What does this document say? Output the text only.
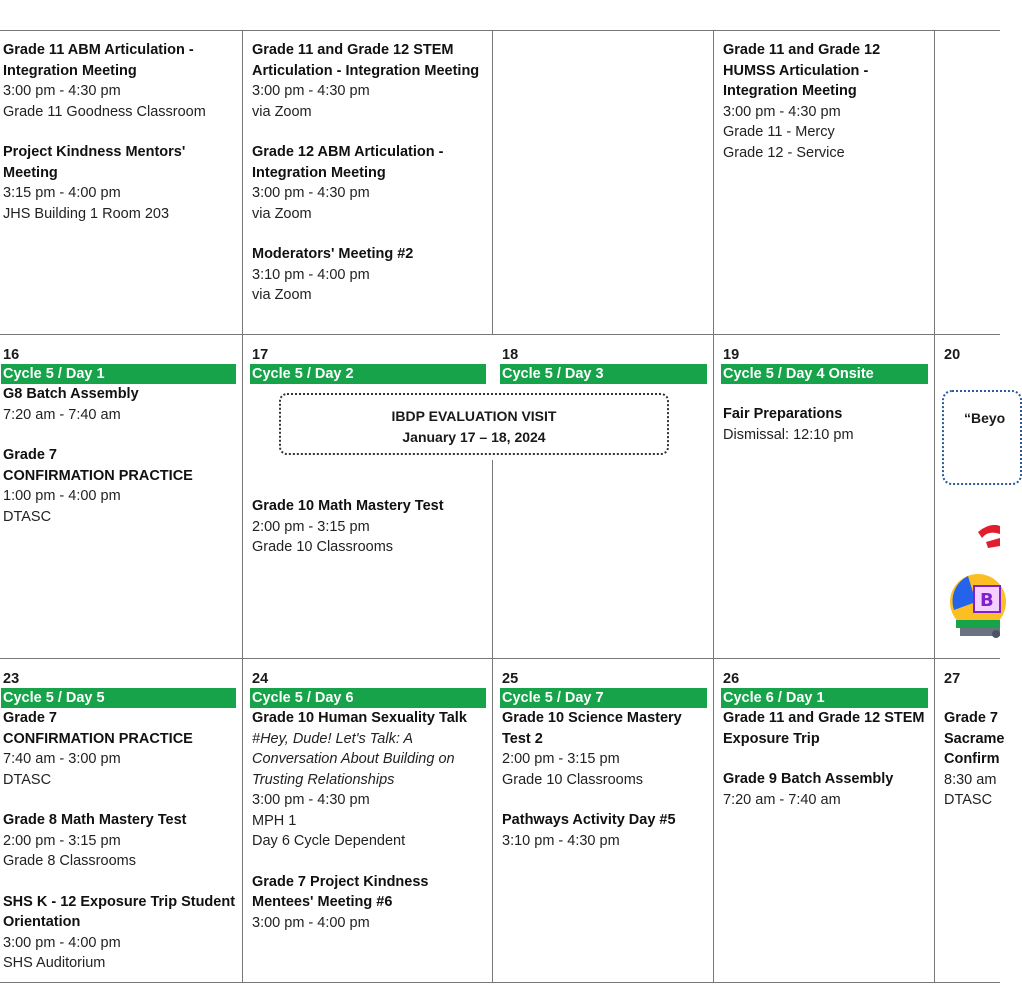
Grade 11 ABM Articulation - Integration Meeting
3:00 pm - 4:30 pm
Grade 11 Goodness Classroom
Project Kindness Mentors' Meeting
3:15 pm - 4:00 pm
JHS Building 1 Room 203
Grade 11 and Grade 12 STEM Articulation - Integration Meeting
3:00 pm - 4:30 pm
via Zoom
Grade 12 ABM Articulation - Integration Meeting
3:00 pm - 4:30 pm
via Zoom
Moderators' Meeting #2
3:10 pm - 4:00 pm
via Zoom
Grade 11 and Grade 12 HUMSS Articulation - Integration Meeting
3:00 pm - 4:30 pm
Grade 11 - Mercy
Grade 12 - Service
16
Cycle 5 / Day 1
G8 Batch Assembly
7:20 am - 7:40 am
Grade 7
CONFIRMATION PRACTICE
1:00 pm - 4:00 pm
DTASC
17
Cycle 5 / Day 2
Grade 10 Math Mastery Test
2:00 pm - 3:15 pm
Grade 10 Classrooms
18
Cycle 5 / Day 3
19
Cycle 5 / Day 4 Onsite
Fair Preparations
Dismissal: 12:10 pm
20
IBDP EVALUATION VISIT
January 17 – 18, 2024
“Beyo
B
23
Cycle 5 / Day 5
Grade 7
CONFIRMATION PRACTICE
7:40 am - 3:00 pm
DTASC
Grade 8 Math Mastery Test
2:00 pm - 3:15 pm
Grade 8 Classrooms
SHS K - 12 Exposure Trip Student Orientation
3:00 pm - 4:00 pm
SHS Auditorium
24
Cycle 5 / Day 6
Grade 10 Human Sexuality Talk
#Hey, Dude! Let's Talk: A Conversation About Building on Trusting Relationships
3:00 pm - 4:30 pm
MPH 1
Day 6 Cycle Dependent
Grade 7 Project Kindness Mentees' Meeting #6
3:00 pm - 4:00 pm
25
Cycle 5 / Day 7
Grade 10 Science Mastery Test 2
2:00 pm - 3:15 pm
Grade 10 Classrooms
Pathways Activity Day #5
3:10 pm - 4:30 pm
26
Cycle 6 / Day 1
Grade 11 and Grade 12 STEM Exposure Trip
Grade 9 Batch Assembly
7:20 am - 7:40 am
27
Grade 7
Sacrame
Confirm
8:30 am
DTASC
